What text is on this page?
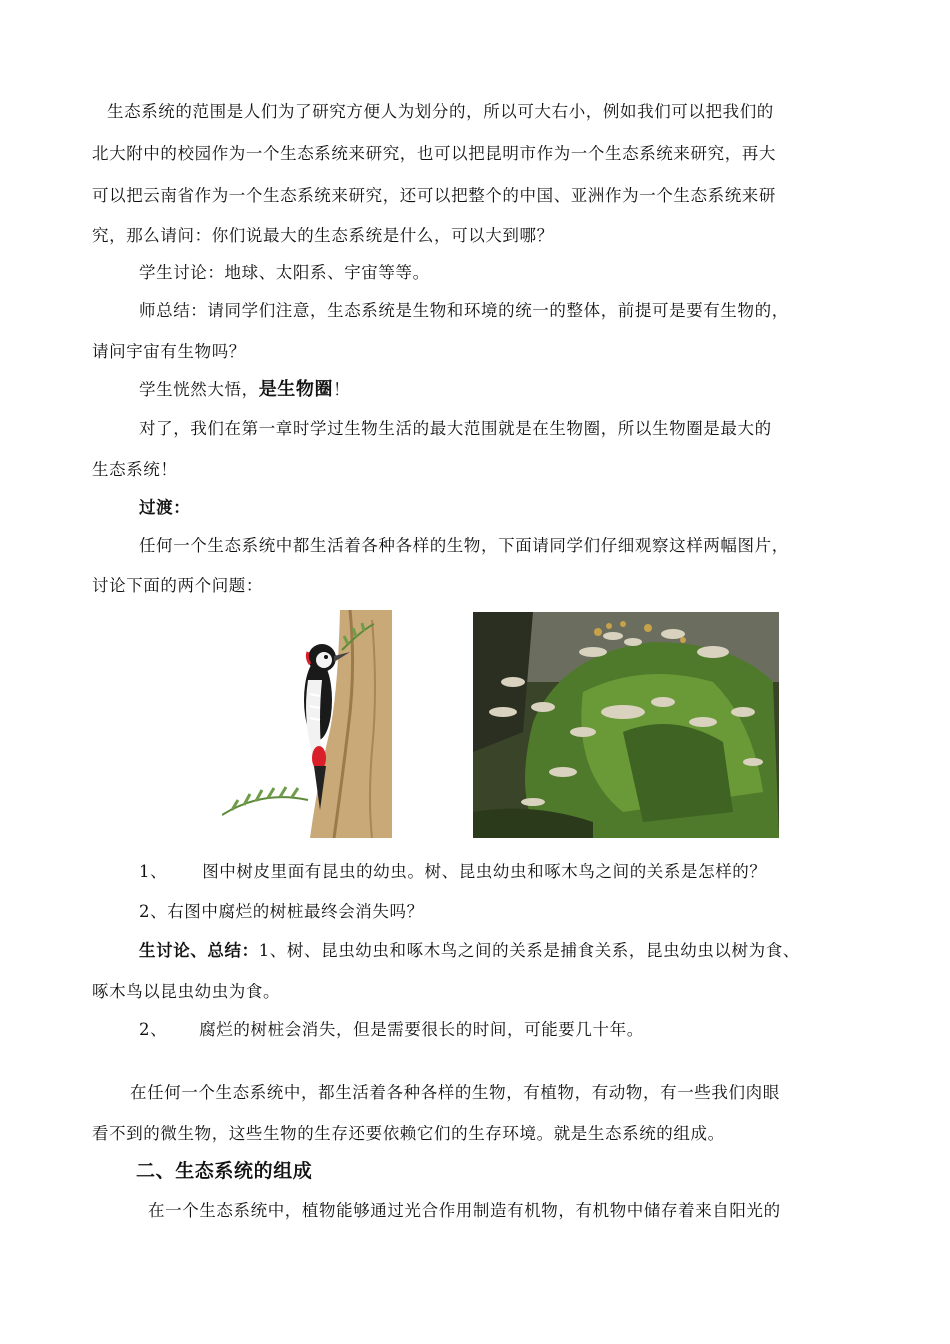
生态系统的范围是人们为了研究方便人为划分的，所以可大右小，例如我们可以把我们的
北大附中的校园作为一个生态系统来研究，也可以把昆明市作为一个生态系统来研究，再大
可以把云南省作为一个生态系统来研究，还可以把整个的中国、亚洲作为一个生态系统来研
究，那么请问：你们说最大的生态系统是什么，可以大到哪？
学生讨论：地球、太阳系、宇宙等等。
师总结：请同学们注意，生态系统是生物和环境的统一的整体，前提可是要有生物的，
请问宇宙有生物吗？
学生恍然大悟，是生物圈！
对了，我们在第一章时学过生物生活的最大范围就是在生物圈，所以生物圈是最大的
生态系统！
过渡：
任何一个生态系统中都生活着各种各样的生物，下面请同学们仔细观察这样两幅图片，
讨论下面的两个问题：
1、 图中树皮里面有昆虫的幼虫。树、昆虫幼虫和啄木鸟之间的关系是怎样的？
2、右图中腐烂的树桩最终会消失吗？
生讨论、总结：1、树、昆虫幼虫和啄木鸟之间的关系是捕食关系，昆虫幼虫以树为食、
啄木鸟以昆虫幼虫为食。
2、 腐烂的树桩会消失，但是需要很长的时间，可能要几十年。
在任何一个生态系统中，都生活着各种各样的生物，有植物，有动物，有一些我们肉眼
看不到的微生物，这些生物的生存还要依赖它们的生存环境。就是生态系统的组成。
二、生态系统的组成
在一个生态系统中，植物能够通过光合作用制造有机物，有机物中储存着来自阳光的
